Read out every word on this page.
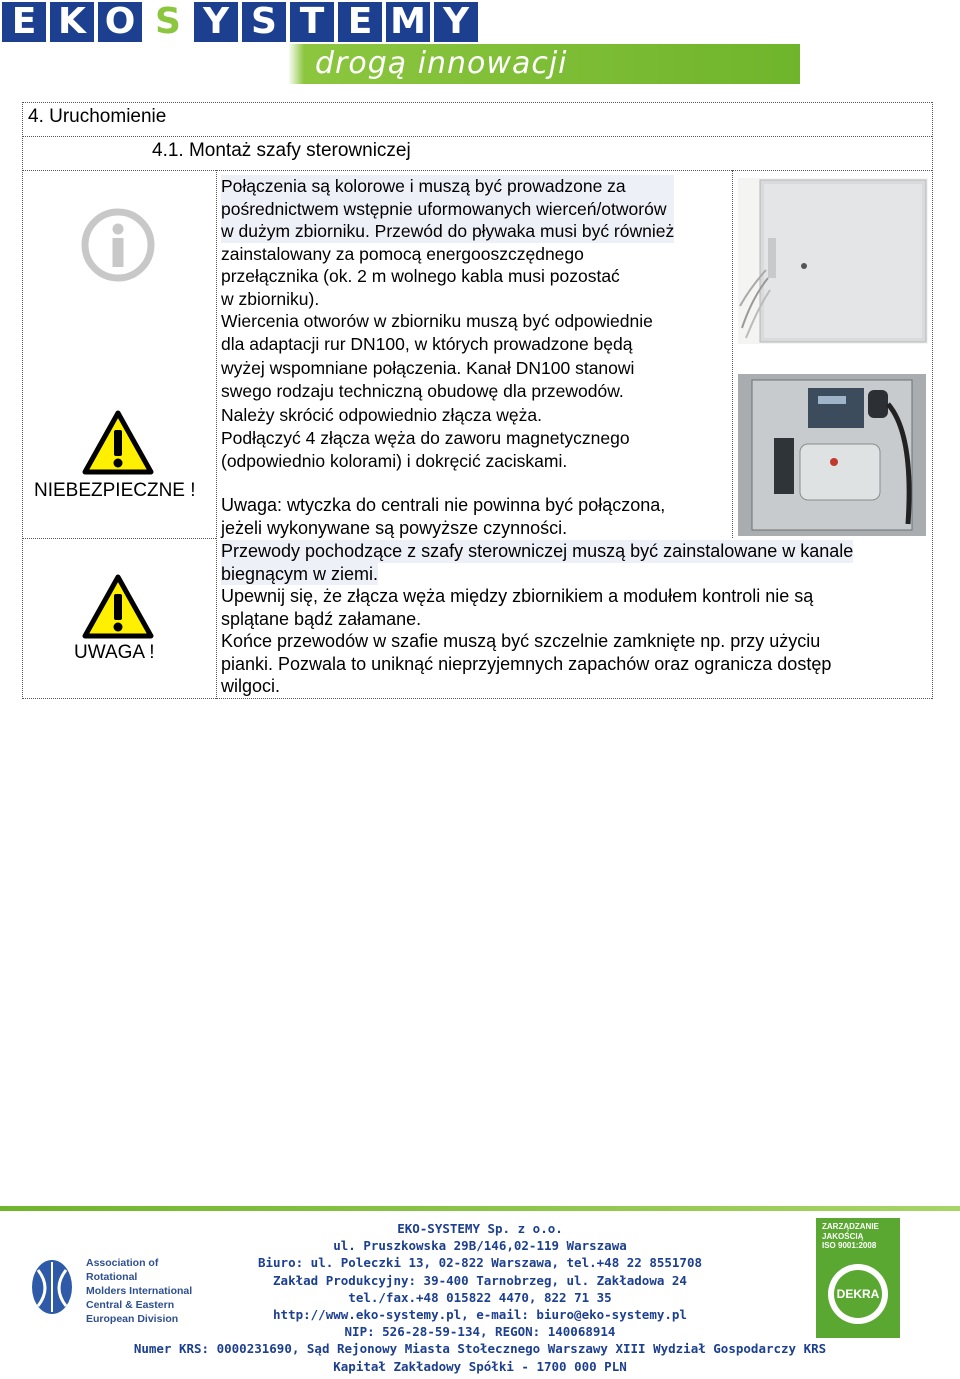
E K O S Y S T E M Y
drogą innowacji
4. Uruchomienie
4.1. Montaż szafy sterowniczej
NIEBEZPIECZNE !
UWAGA !

Połączenia są kolorowe i muszą być prowadzone za

pośrednictwem wstępnie uformowanych wierceń/otworów

w dużym zbiorniku. Przewód do pływaka musi być również

zainstalowany za pomocą energooszczędnego

przełącznika (ok. 2 m wolnego kabla musi pozostać

w zbiorniku).

Wiercenia otworów w zbiorniku muszą być odpowiednie

dla adaptacji rur DN100, w których prowadzone będą

wyżej wspomniane połączenia. Kanał DN100 stanowi

swego rodzaju techniczną obudowę dla przewodów.

Należy skrócić odpowiednio złącza węża.

Podłączyć 4 złącza węża do zaworu magnetycznego

(odpowiednio kolorami) i dokręcić zaciskami.

Uwaga: wtyczka do centrali nie powinna być połączona,

jeżeli wykonywane są powyższe czynności.

Przewody pochodzące z szafy sterowniczej muszą być zainstalowane w kanale

biegnącym w ziemi.

Upewnij się, że złącza węża między zbiornikiem a modułem kontroli nie są

splątane bądź załamane.

Końce przewodów w szafie muszą być szczelnie zamknięte np. przy użyciu

pianki. Pozwala to uniknąć nieprzyjemnych zapachów oraz ogranicza dostęp

wilgoci.

Association of Rotational
Molders International
Central & Eastern
European Division
EKO-SYSTEMY Sp. z o.o.
ul. Pruszkowska 29B/146,02-119 Warszawa
Biuro: ul. Poleczki 13, 02-822 Warszawa, tel.+48 22 8551708
Zakład Produkcyjny: 39-400 Tarnobrzeg, ul. Zakładowa 24
tel./fax.+48 015822 4470, 822 71 35
http://www.eko-systemy.pl, e-mail: biuro@eko-systemy.pl
NIP: 526-28-59-134, REGON: 140068914
Numer KRS: 0000231690, Sąd Rejonowy Miasta Stołecznego Warszawy XIII Wydział Gospodarczy KRS
Kapitał Zakładowy Spółki - 1700 000 PLN
ZARZĄDZANIE
JAKOŚCIĄ
ISO 9001:2008
DEKRA
